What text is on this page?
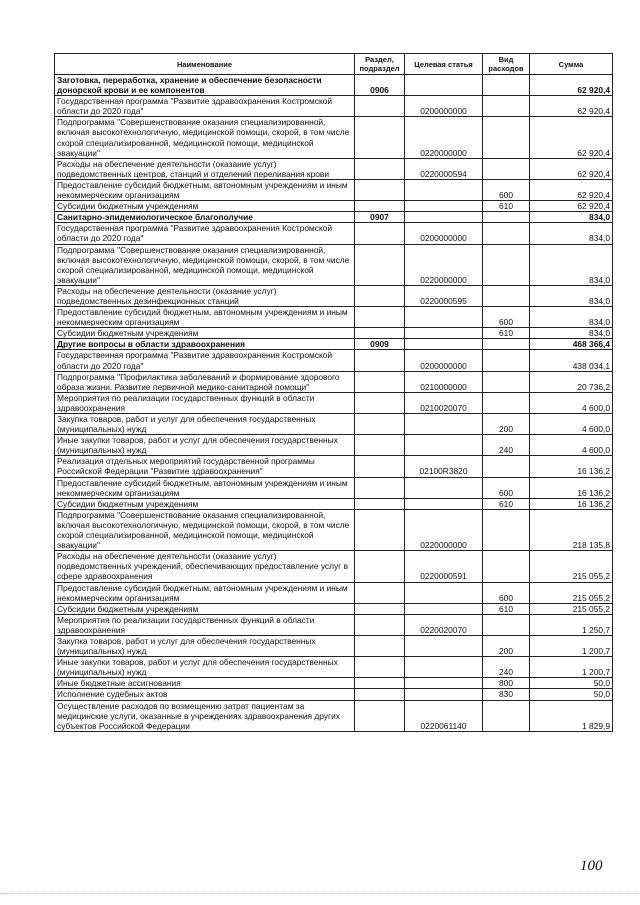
Наименование	Раздел, подраздел	Целевая статья	Вид расходов	Сумма
Заготовка, переработка, хранение и обеспечение безопасности донорской крови и ее компонентов	0906			62 920,4
Государственная программа "Развитие здравоохранения Костромской области до 2020 года"		0200000000		62 920,4
Подпрограмма "Совершенствование оказания специализированной, включая высокотехнологичную, медицинской помощи, скорой, в том числе скорой специализированной, медицинской помощи, медицинской эвакуации"		0220000000		62 920,4
Расходы на обеспечение деятельности (оказание услуг) подведомственных центров, станций и отделений переливания крови		0220000594		62 920,4
Предоставление субсидий бюджетным, автономным учреждениям и иным некоммерческим организациям			600	62 920,4
Субсидии бюджетным учреждениям			610	62 920,4
Санитарно-эпидемиологическое благополучие	0907			834,0
Государственная программа "Развитие здравоохранения Костромской области до 2020 года"		0200000000		834,0
Подпрограмма "Совершенствование оказания специализированной, включая высокотехнологичную, медицинской помощи, скорой, в том числе скорой специализированной, медицинской помощи, медицинской эвакуации"		0220000000		834,0
Расходы на обеспечение деятельности (оказание услуг) подведомственных дезинфекционных станций		0220000595		834,0
Предоставление субсидий бюджетным, автономным учреждениям и иным некоммерческим организациям			600	834,0
Субсидии бюджетным учреждениям			610	834,0
Другие вопросы в области здравоохранения	0909			468 366,4
Государственная программа "Развитие здравоохранения Костромской области до 2020 года"		0200000000		438 034,1
Подпрограмма "Профилактика заболеваний и формирование здорового образа жизни. Развитие первичной медико-санитарной помощи"		0210000000		20 736,2
Мероприятия по реализации государственных функций в области здравоохранения		0210020070		4 600,0
Закупка товаров, работ и услуг для обеспечения государственных (муниципальных) нужд			200	4 600,0
Иные закупки товаров, работ и услуг для обеспечения государственных (муниципальных) нужд			240	4 600,0
Реализация отдельных мероприятий государственной программы Российской Федерации "Развитие здравоохранения"		02100R3820		16 136,2
Предоставление субсидий бюджетным, автономным учреждениям и иным некоммерческим организациям			600	16 136,2
Субсидии бюджетным учреждениям			610	16 136,2
Подпрограмма "Совершенствование оказания специализированной, включая высокотехнологичную, медицинской помощи, скорой, в том числе скорой специализированной, медицинской помощи, медицинской эвакуации"		0220000000		218 135,8
Расходы на обеспечение деятельности (оказание услуг) подведомственных учреждений, обеспечивающих предоставление услуг в сфере здравоохранения		0220000591		215 055,2
Предоставление субсидий бюджетным, автономным учреждениям и иным некоммерческим организациям			600	215 055,2
Субсидии бюджетным учреждениям			610	215 055,2
Мероприятия по реализации государственных функций в области здравоохранения		0220020070		1 250,7
Закупка товаров, работ и услуг для обеспечения государственных (муниципальных) нужд			200	1 200,7
Иные закупки товаров, работ и услуг для обеспечения государственных (муниципальных) нужд			240	1 200,7
Иные бюджетные ассигнования			800	50,0
Исполнение судебных актов			830	50,0
Осуществление расходов по возмещению затрат пациентам за медицинские услуги, оказанные в учреждениях здравоохранения других субъектов Российской Федерации		0220061140		1 829,9
100
